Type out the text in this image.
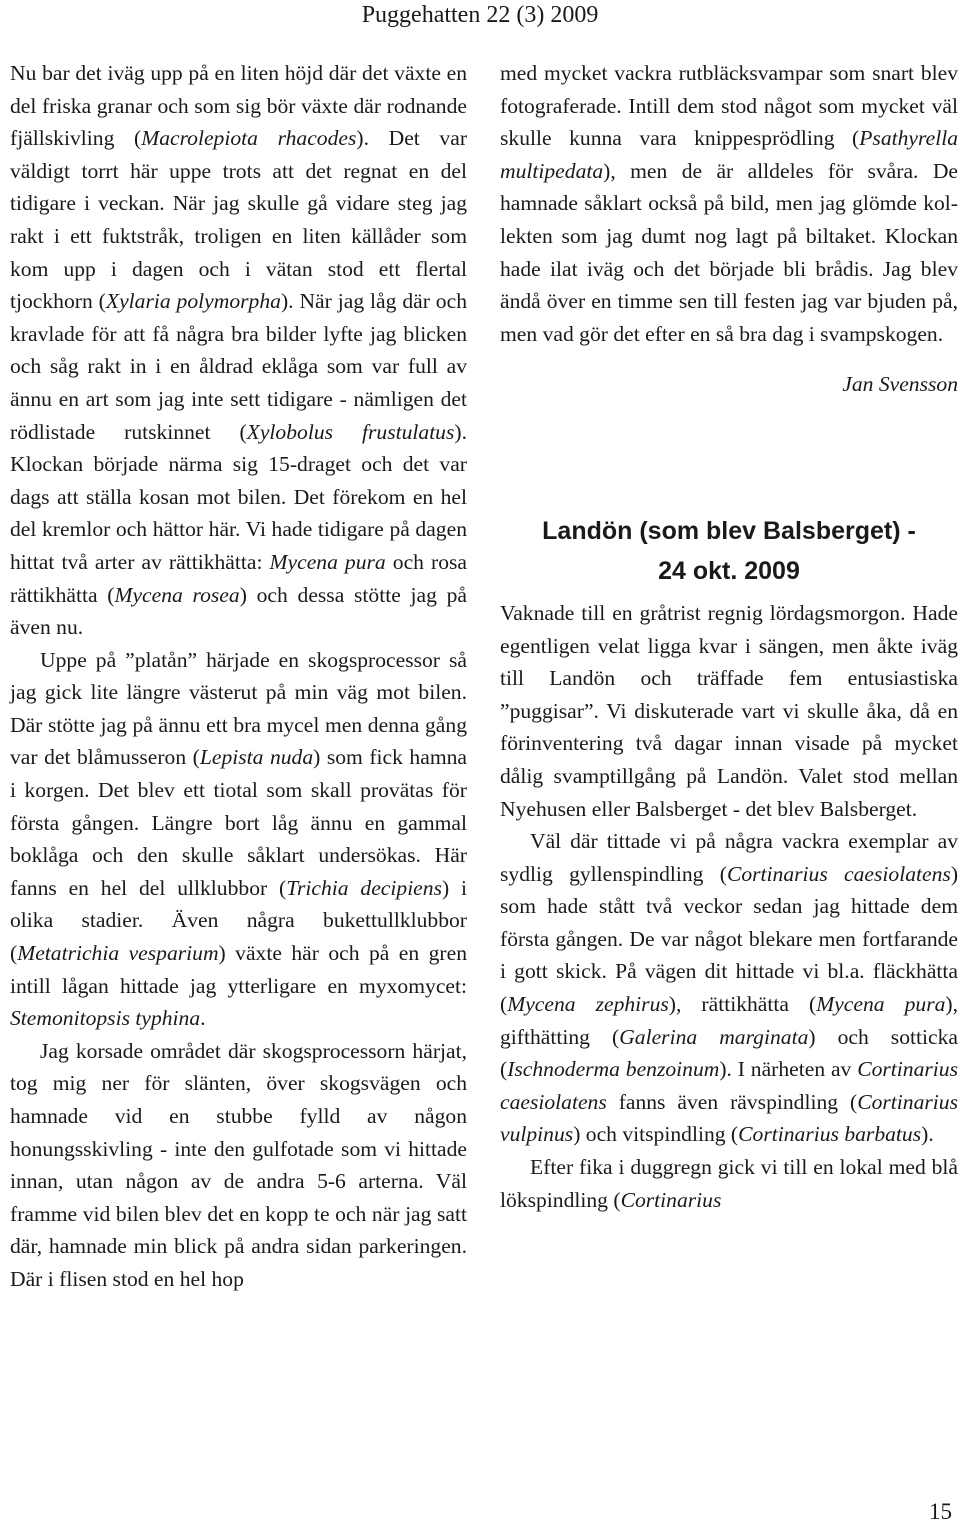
Puggehatten 22 (3) 2009

Nu bar det iväg upp på en liten höjd där det växte en del friska granar och som sig bör växte där rodnande fjällskivling (Macrolepiota rhacodes). Det var väldigt torrt här uppe trots att det regnat en del tidigare i veckan. När jag skulle gå vidare steg jag rakt i ett fuktstråk, troligen en liten källåder som kom upp i dagen och i vätan stod ett flertal tjockhorn (Xylaria polymorpha). När jag låg där och kravlade för att få några bra bilder lyfte jag blicken och såg rakt in i en åldrad eklåga som var full av ännu en art som jag inte sett tidigare - nämligen det rödlistade rutskinnet (Xylobolus frustulatus). Klockan började närma sig 15-draget och det var dags att ställa kosan mot bilen. Det förekom en hel del kremlor och hättor här. Vi hade tidigare på dagen hittat två arter av rättikhätta: Mycena pura och rosa rättikhätta (Mycena rosea) och dessa stötte jag på även nu.

Uppe på ”platån” härjade en skogsprocessor så jag gick lite längre västerut på min väg mot bilen. Där stötte jag på ännu ett bra mycel men denna gång var det blåmusseron (Lepista nuda) som fick hamna i korgen. Det blev ett tiotal som skall provätas för första gången. Längre bort låg ännu en gammal boklåga och den skulle såklart undersökas. Här fanns en hel del ullklubbor (Trichia decipiens) i olika stadier. Även några bukettullklubbor (Metatrichia vesparium) växte här och på en gren intill lågan hittade jag ytterligare en myxomycet: Stemonitopsis typhina.

Jag korsade området där skogsprocessorn härjat, tog mig ner för slänten, över skogsvägen och hamnade vid en stubbe fylld av någon honungsskivling - inte den gulfotade som vi hittade innan, utan någon av de andra 5-6 arterna. Väl framme vid bilen blev det en kopp te och när jag satt där, hamnade min blick på andra sidan parkeringen. Där i flisen stod en hel hop

med mycket vackra rutbläcksvampar som snart blev fotograferade. Intill dem stod något som mycket väl skulle kunna vara knippesprödling (Psathyrella multipedata), men de är alldeles för svåra. De hamnade såklart också på bild, men jag glömde kollekten som jag dumt nog lagt på biltaket. Klockan hade ilat iväg och det började bli brådis. Jag blev ändå över en timme sen till festen jag var bjuden på, men vad gör det efter en så bra dag i svampskogen.

Jan Svensson
Landön (som blev Balsberget) -
24 okt. 2009

Vaknade till en gråtrist regnig lördagsmorgon. Hade egentligen velat ligga kvar i sängen, men åkte iväg till Landön och träffade fem entusiastiska ”puggisar”. Vi diskuterade vart vi skulle åka, då en förinventering två dagar innan visade på mycket dålig svamptillgång på Landön. Valet stod mellan Nyehusen eller Balsberget - det blev Balsberget.

Väl där tittade vi på några vackra exemplar av sydlig gyllenspindling (Cortinarius caesiolatens) som hade stått två veckor sedan jag hittade dem första gången. De var något blekare men fortfarande i gott skick. På vägen dit hittade vi bl.a. fläckhätta (Mycena zephirus), rättikhätta (Mycena pura), gifthätting (Galerina marginata) och sotticka (Ischnoderma benzoinum). I närheten av Cortinarius caesiolatens fanns även rävspindling (Cortinarius vulpinus) och vitspindling (Cortinarius barbatus).

Efter fika i duggregn gick vi till en lokal med blå lökspindling (Cortinarius

15
